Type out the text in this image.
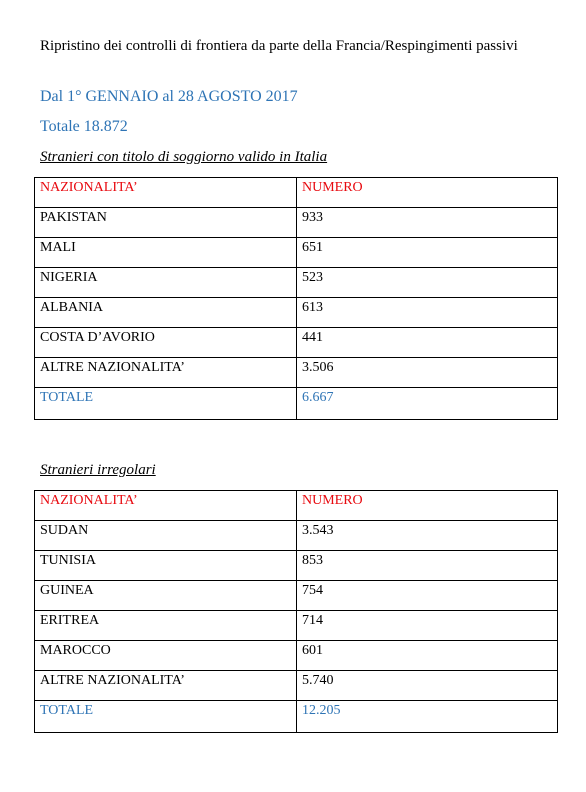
Ripristino dei controlli di frontiera da parte della Francia/Respingimenti passivi
Dal 1° GENNAIO al 28 AGOSTO 2017
Totale 18.872
Stranieri con titolo di soggiorno valido in Italia
NAZIONALITA’	NUMERO
PAKISTAN	933
MALI	651
NIGERIA	523
ALBANIA	613
COSTA D’AVORIO	441
ALTRE NAZIONALITA’	3.506
TOTALE	6.667
Stranieri irregolari
NAZIONALITA’	NUMERO
SUDAN	3.543
TUNISIA	853
GUINEA	754
ERITREA	714
MAROCCO	601
ALTRE NAZIONALITA’	5.740
TOTALE	12.205
